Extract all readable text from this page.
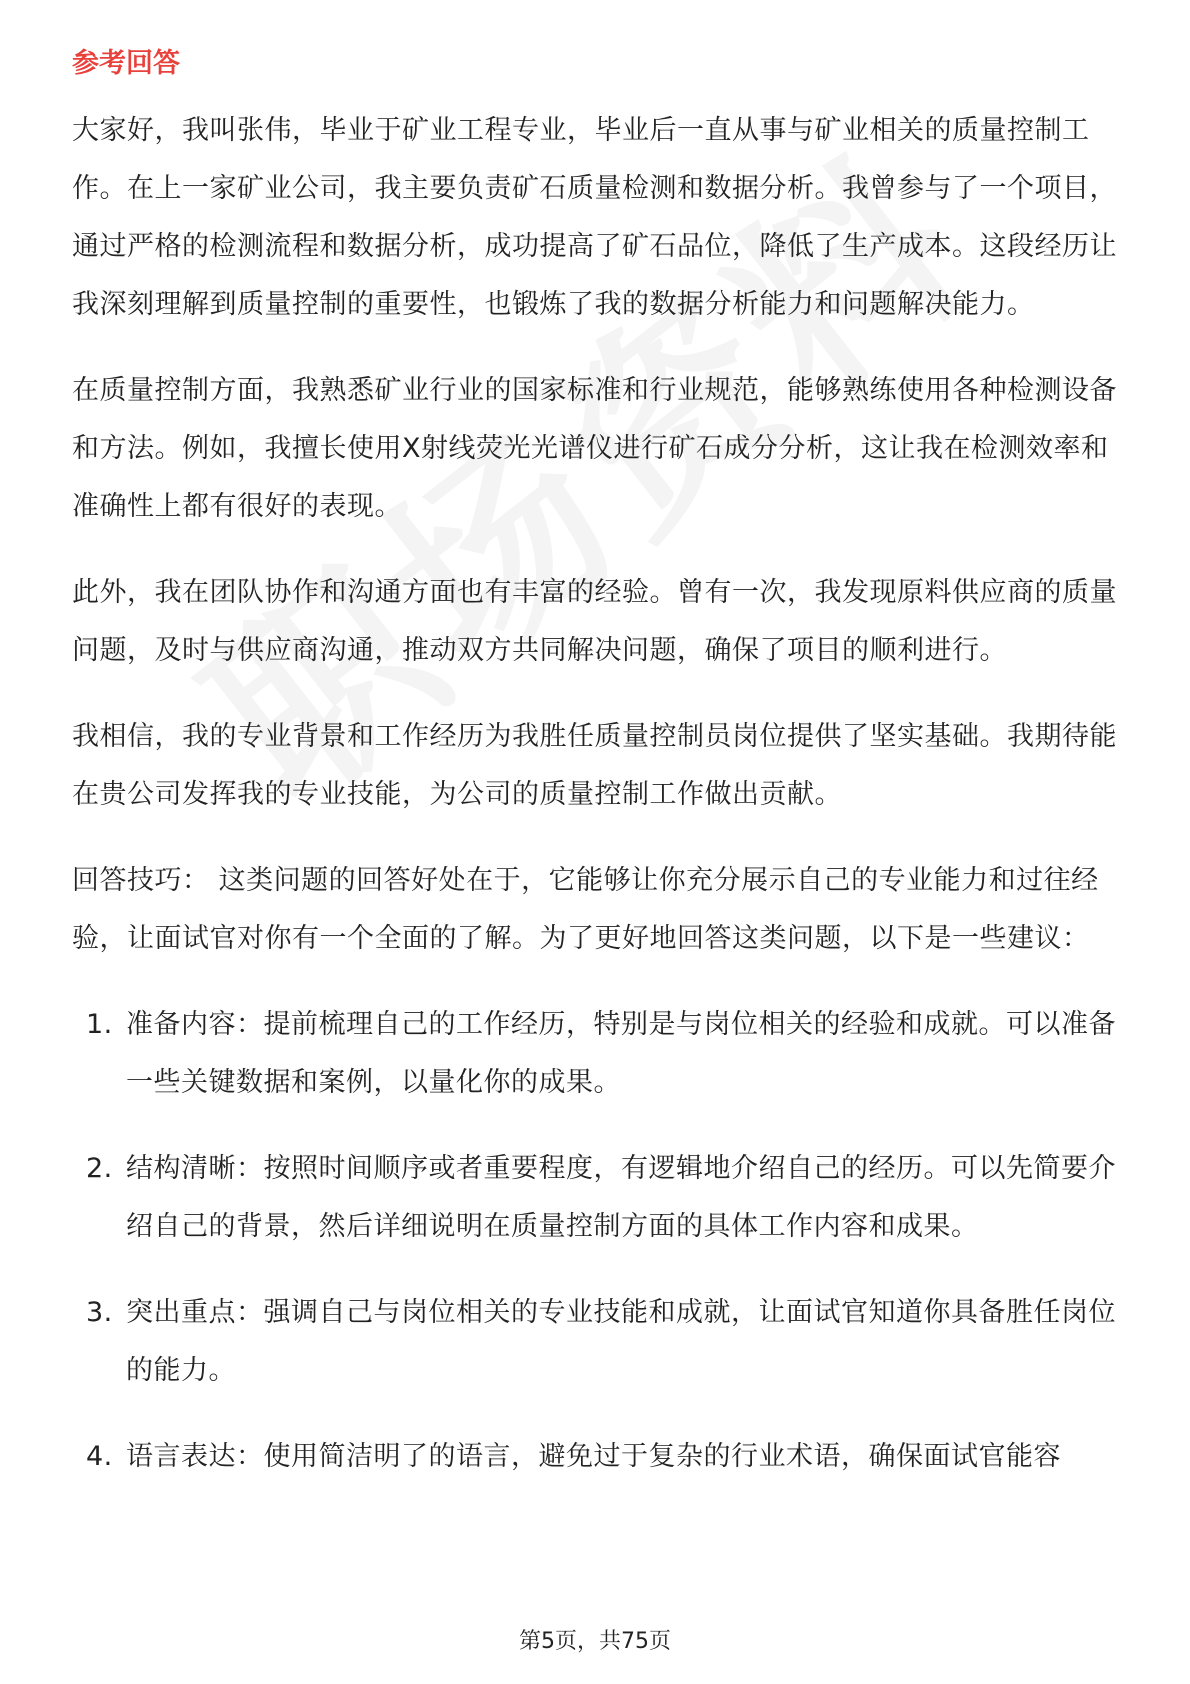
参考回答

大家好，我叫张伟，毕业于矿业工程专业，毕业后一直从事与矿业相关的质量控制工作。在上一家矿业公司，我主要负责矿石质量检测和数据分析。我曾参与了一个项目，通过严格的检测流程和数据分析，成功提高了矿石品位，降低了生产成本。这段经历让我深刻理解到质量控制的重要性，也锻炼了我的数据分析能力和问题解决能力。

在质量控制方面，我熟悉矿业行业的国家标准和行业规范，能够熟练使用各种检测设备和方法。例如，我擅长使用X射线荧光光谱仪进行矿石成分分析，这让我在检测效率和准确性上都有很好的表现。

此外，我在团队协作和沟通方面也有丰富的经验。曾有一次，我发现原料供应商的质量问题，及时与供应商沟通，推动双方共同解决问题，确保了项目的顺利进行。

我相信，我的专业背景和工作经历为我胜任质量控制员岗位提供了坚实基础。我期待能在贵公司发挥我的专业技能，为公司的质量控制工作做出贡献。

回答技巧： 这类问题的回答好处在于，它能够让你充分展示自己的专业能力和过往经验，让面试官对你有一个全面的了解。为了更好地回答这类问题，以下是一些建议：

1. 准备内容：提前梳理自己的工作经历，特别是与岗位相关的经验和成就。可以准备一些关键数据和案例，以量化你的成果。
2. 结构清晰：按照时间顺序或者重要程度，有逻辑地介绍自己的经历。可以先简要介绍自己的背景，然后详细说明在质量控制方面的具体工作内容和成果。
3. 突出重点：强调自己与岗位相关的专业技能和成就，让面试官知道你具备胜任岗位的能力。
4. 语言表达：使用简洁明了的语言，避免过于复杂的行业术语，确保面试官能容
第5页，共75页
